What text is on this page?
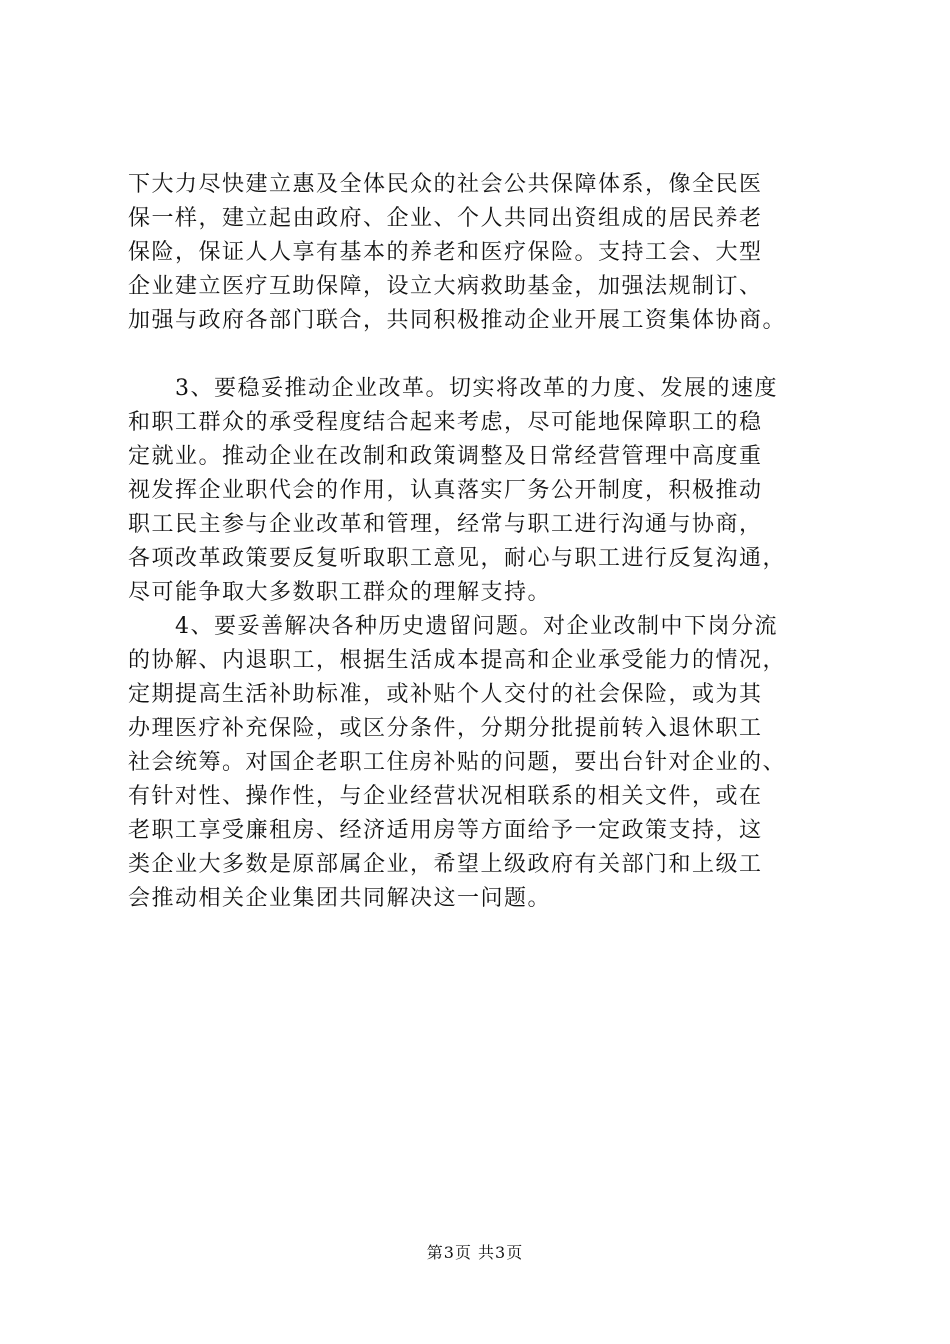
下大力尽快建立惠及全体民众的社会公共保障体系，像全民医
保一样，建立起由政府、企业、个人共同出资组成的居民养老
保险，保证人人享有基本的养老和医疗保险。支持工会、大型
企业建立医疗互助保障，设立大病救助基金，加强法规制订、
加强与政府各部门联合，共同积极推动企业开展工资集体协商。
　　3、要稳妥推动企业改革。切实将改革的力度、发展的速度
和职工群众的承受程度结合起来考虑，尽可能地保障职工的稳
定就业。推动企业在改制和政策调整及日常经营管理中高度重
视发挥企业职代会的作用，认真落实厂务公开制度，积极推动
职工民主参与企业改革和管理，经常与职工进行沟通与协商，
各项改革政策要反复听取职工意见，耐心与职工进行反复沟通，
尽可能争取大多数职工群众的理解支持。
　　4、要妥善解决各种历史遗留问题。对企业改制中下岗分流
的协解、内退职工，根据生活成本提高和企业承受能力的情况，
定期提高生活补助标准，或补贴个人交付的社会保险，或为其
办理医疗补充保险，或区分条件，分期分批提前转入退休职工
社会统筹。对国企老职工住房补贴的问题，要出台针对企业的、
有针对性、操作性，与企业经营状况相联系的相关文件，或在
老职工享受廉租房、经济适用房等方面给予一定政策支持，这
类企业大多数是原部属企业，希望上级政府有关部门和上级工
会推动相关企业集团共同解决这一问题。
第3页 共3页
